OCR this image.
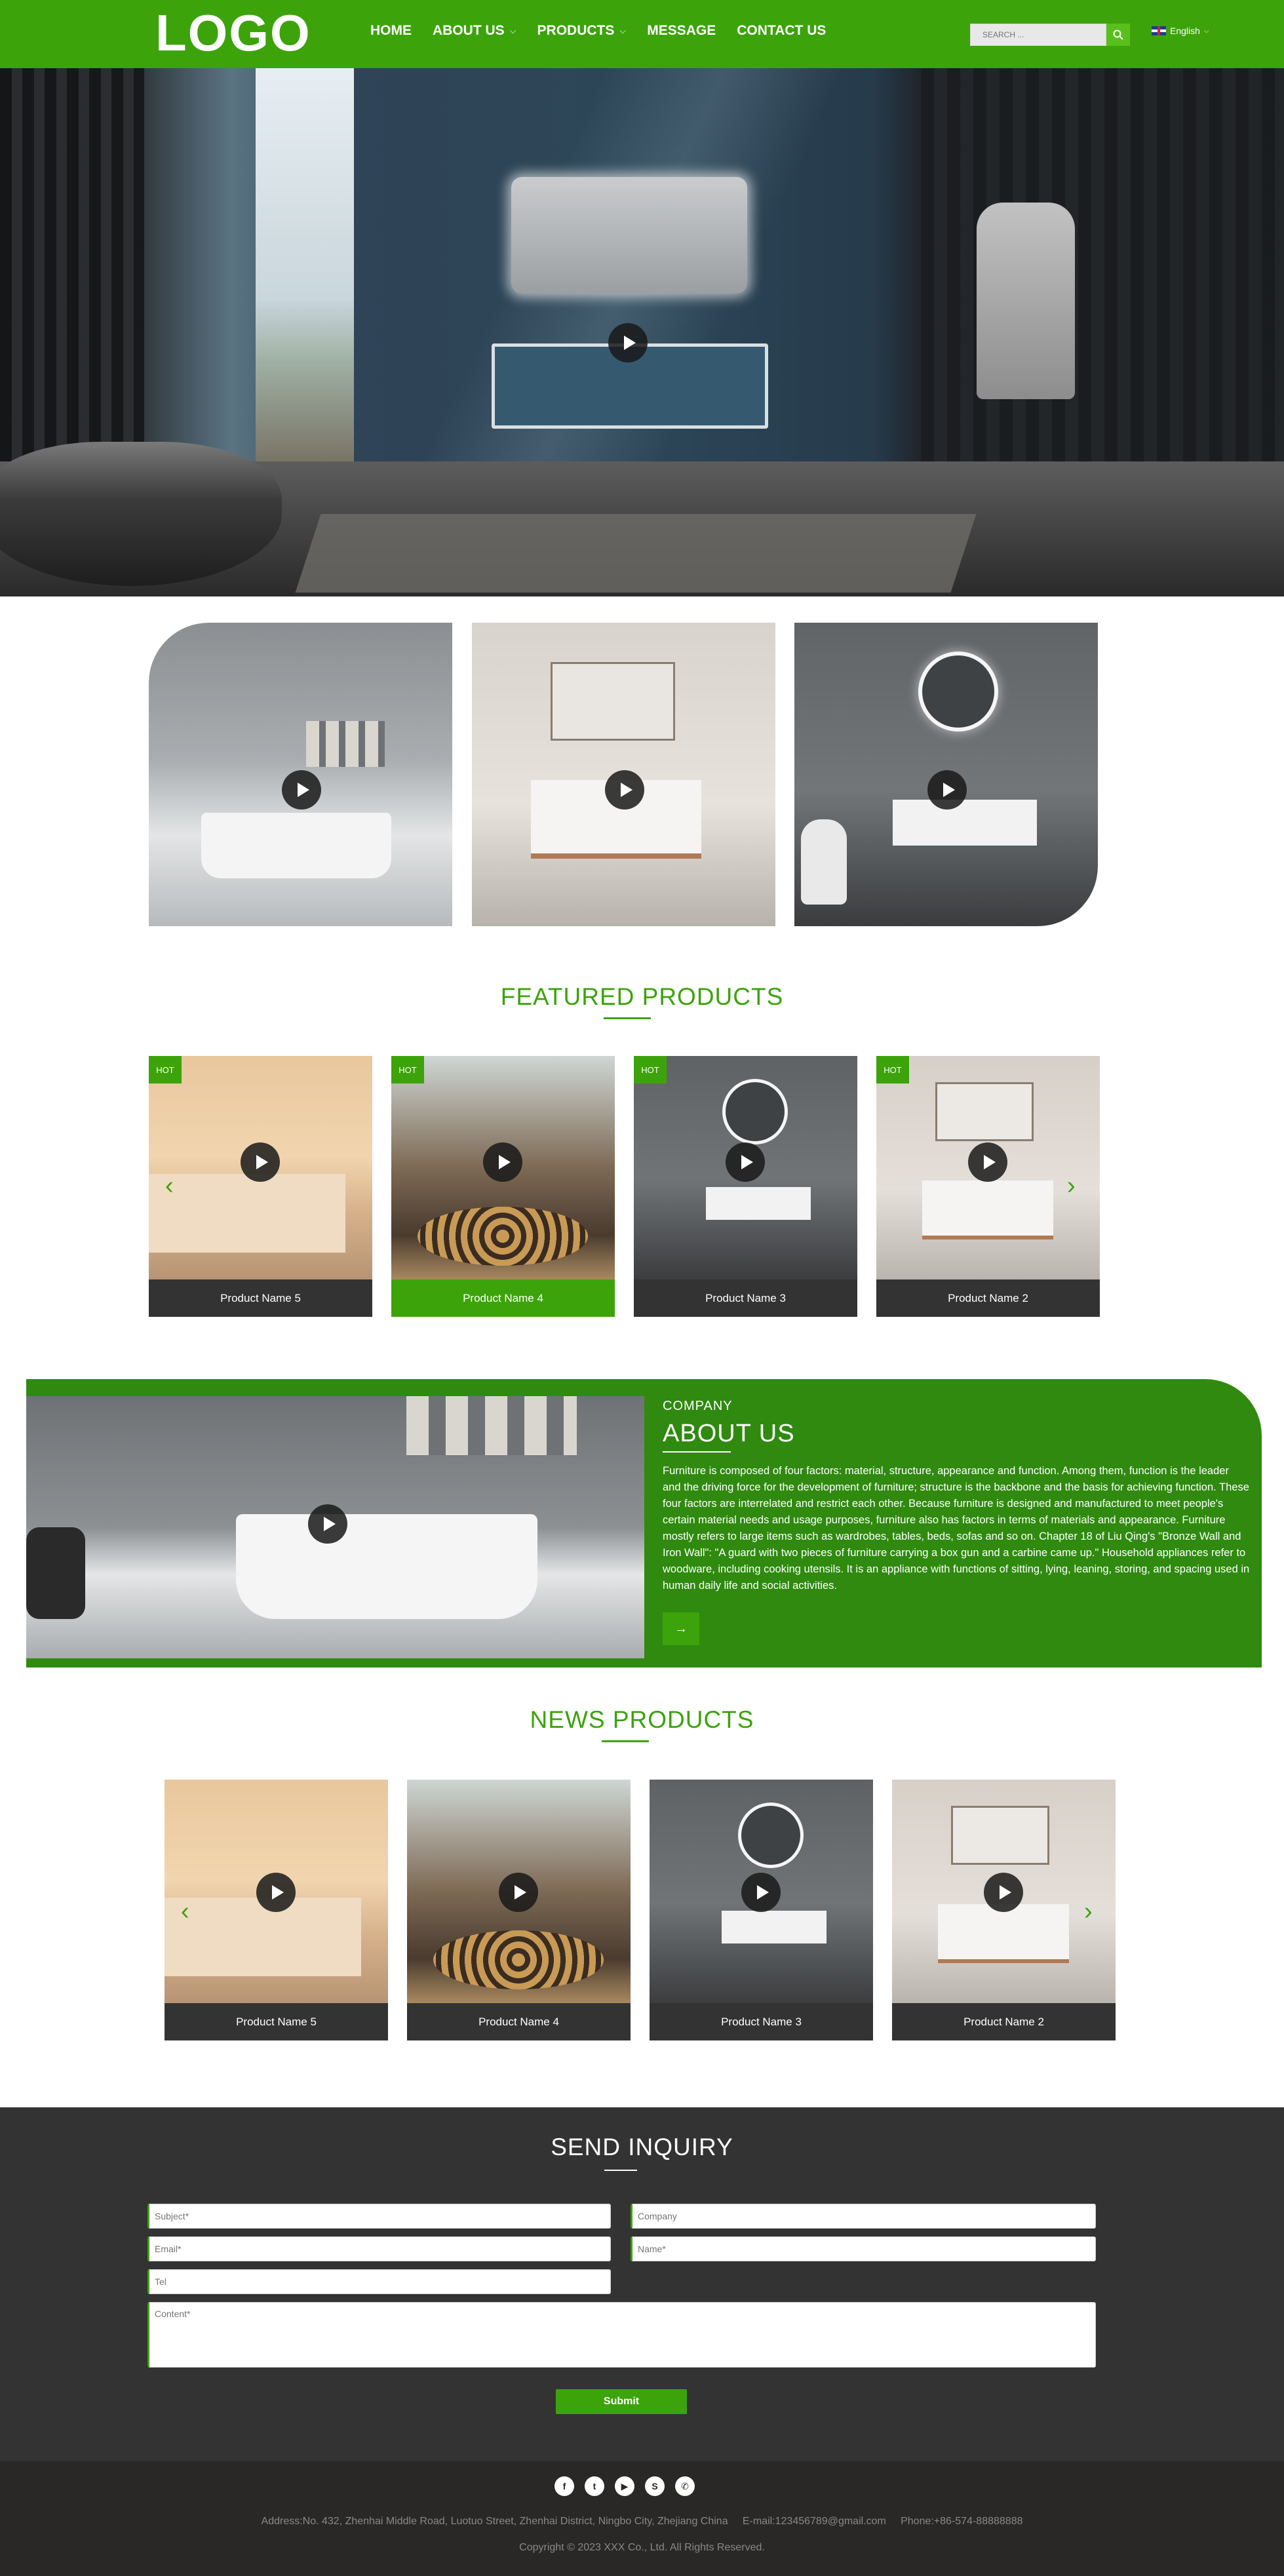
LOGO	HOME ABOUT US ⌵ PRODUCTS ⌵ MESSAGE CONTACT US
SEARCH ...	English ⌵
FEATURED PRODUCTS
HOT
Product Name 5
HOT
Product Name 4
HOT
Product Name 3
HOT
Product Name 2
‹	›
COMPANY
ABOUT US
Furniture is composed of four factors: material, structure, appearance and function. Among them, function is the leader and the driving force for the development of furniture; structure is the backbone and the basis for achieving function. These four factors are interrelated and restrict each other. Because furniture is designed and manufactured to meet people's certain material needs and usage purposes, furniture also has factors in terms of materials and appearance. Furniture mostly refers to large items such as wardrobes, tables, beds, sofas and so on. Chapter 18 of Liu Qing's "Bronze Wall and Iron Wall": "A guard with two pieces of furniture carrying a box gun and a carbine came up." Household appliances refer to woodware, including cooking utensils. It is an appliance with functions of sitting, lying, leaning, storing, and spacing used in human daily life and social activities.
→
NEWS PRODUCTS
Product Name 5	Product Name 4	Product Name 3	Product Name 2
‹	›
SEND INQUIRY
Subject*
Company
Email*
Name*
Tel
Content*
Submit
f	t	▶	S	✆
Address:No. 432, Zhenhai Middle Road, Luotuo Street, Zhenhai District, Ningbo City, Zhejiang China E-mail:123456789@gmail.com Phone:+86-574-88888888
Copyright © 2023 XXX Co., Ltd. All Rights Reserved.
